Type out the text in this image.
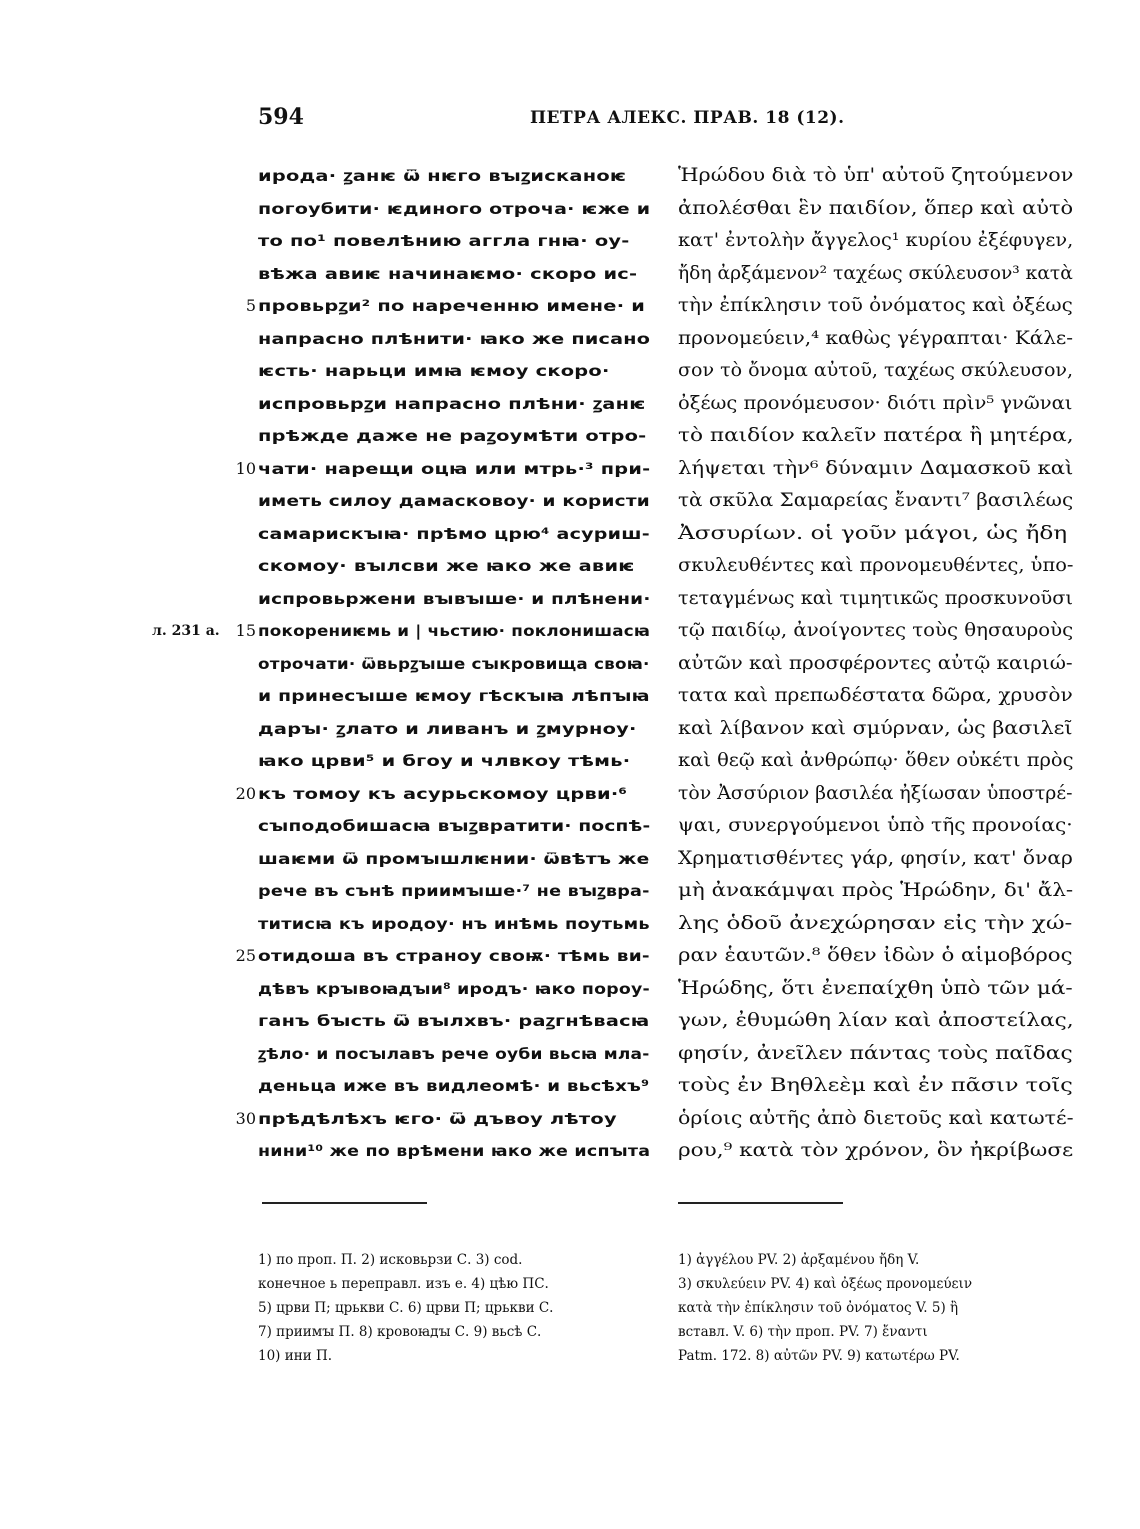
594	ПЕТРА АЛЕКС. ПРАВ. 18 (12).
л. 231 а.
5
10
15
20
25
30
ирода· ꙁанѥ ѿ нѥго вꙑꙁисканоѥ
погоубити· ѥдиного отроча· ѥже и
то по¹ повелѣнию аггла гнꙗ· оу-
вѣжа авиѥ начинаѥмо· скоро ис-
провьрꙁи² по нареченню имене· и
напрасно плѣнити· ꙗко же писано
ѥсть· нарьци имꙗ ѥмоу скоро·
испровьрꙁи напрасно плѣни· ꙁанѥ
прѣжде даже не раꙁоумѣти отро-
чати· нарещи оцꙗ или мтрь·³ при-
иметь силоу дамасковоу· и користи
самарискꙑꙗ· прѣмо црю⁴ асуриш-
скомоу· вꙑлсви же ꙗко же авиѥ
испровьржени вꙑвꙑше· и плѣнени·
покорениѥмь и | чьстию· поклонишасꙗ
отрочати· ѿвьрꙁꙑше сꙑкровища своꙗ·
и принесꙑше ѥмоу гѣскꙑꙗ лѣпꙑꙗ
дарꙑ· ꙁлато и ливанъ и ꙁмурноу·
ꙗко црви⁵ и бгоу и члвкоу тѣмь·
къ томоу къ асурьскомоу црви·⁶
сꙑподобишасꙗ вꙑꙁвратити· поспѣ-
шаѥми ѿ промꙑшлѥнии· ѿвѣтъ же
рече въ сънѣ приимꙑше·⁷ не вꙑꙁвра-
титисꙗ къ иродоу· нъ инѣмь поутьмь
отидоша въ страноу своѭ· тѣмь ви-
дѣвъ крꙑвоꙗдꙑи⁸ иродъ· ꙗко пороу-
ганъ бꙑсть ѿ вꙑлхвъ· раꙁгнѣвасꙗ
ꙁѣло· и посꙑлавъ рече оуби вьсꙗ мла-
деньца иже въ видлеомѣ· и вьсѣхъ⁹
прѣдѣлѣхъ ѥго· ѿ дъвоу лѣтоу
нини¹⁰ же по врѣмени ꙗко же испꙑта
Ἡρώδου διὰ τὸ ὑπ' αὐτοῦ ζητούμενον
ἀπολέσθαι ἓν παιδίον, ὅπερ καὶ αὐτὸ
κατ' ἐντολὴν ἄγγελος¹ κυρίου ἐξέφυγεν,
ἤδη ἀρξάμενον² ταχέως σκύλευσον³ κατὰ
τὴν ἐπίκλησιν τοῦ ὀνόματος καὶ ὀξέως
προνομεύειν,⁴ καθὼς γέγραπται· Κάλε-
σον τὸ ὄνομα αὐτοῦ, ταχέως σκύλευσον,
ὀξέως προνόμευσον· διότι πρὶν⁵ γνῶναι
τὸ παιδίον καλεῖν πατέρα ἢ μητέρα,
λήψεται τὴν⁶ δύναμιν Δαμασκοῦ καὶ
τὰ σκῦλα Σαμαρείας ἔναντι⁷ βασιλέως
Ἀσσυρίων. οἱ γοῦν μάγοι, ὡς ἤδη
σκυλευθέντες καὶ προνομευθέντες, ὑπο-
τεταγμένως καὶ τιμητικῶς προσκυνοῦσι
τῷ παιδίῳ, ἀνοίγοντες τοὺς θησαυροὺς
αὐτῶν καὶ προσφέροντες αὐτῷ καιριώ-
τατα καὶ πρεπωδέστατα δῶρα, χρυσὸν
καὶ λίβανον καὶ σμύρναν, ὡς βασιλεῖ
καὶ θεῷ καὶ ἀνθρώπῳ· ὅθεν οὐκέτι πρὸς
τὸν Ἀσσύριον βασιλέα ἠξίωσαν ὑποστρέ-
ψαι, συνεργούμενοι ὑπὸ τῆς προνοίας·
Χρηματισθέντες γάρ, φησίν, κατ' ὄναρ
μὴ ἀνακάμψαι πρὸς Ἡρώδην, δι' ἄλ-
λης ὁδοῦ ἀνεχώρησαν εἰς τὴν χώ-
ραν ἑαυτῶν.⁸ ὅθεν ἰδὼν ὁ αἱμοβόρος
Ἡρώδης, ὅτι ἐνεπαίχθη ὑπὸ τῶν μά-
γων, ἐθυμώθη λίαν καὶ ἀποστείλας,
φησίν, ἀνεῖλεν πάντας τοὺς παῖδας
τοὺς ἐν Βηθλεὲμ καὶ ἐν πᾶσιν τοῖς
ὁρίοις αὐτῆς ἀπὸ διετοῦς καὶ κατωτέ-
ρου,⁹ κατὰ τὸν χρόνον, ὃν ἠκρίβωσε
1) по проп. П. 2) исковьрзи С. 3) cod.
конечное ь переправл. изъ е. 4) цѣю ПС.
5) црви П; црькви С. 6) црви П; црькви С.
7) приимꙑ П. 8) кровоꙗдꙑ С. 9) вьсѣ С.
10) ини П.
1) ἀγγέλου PV. 2) ἀρξαμένου ἤδη V.
3) σκυλεύειν PV. 4) καὶ ὀξέως προνομεύειν
κατὰ τὴν ἐπίκλησιν τοῦ ὀνόματος V. 5) ἢ
вставл. V. 6) τὴν проп. PV. 7) ἔναντι
Patm. 172. 8) αὐτῶν PV. 9) κατωτέρω PV.
